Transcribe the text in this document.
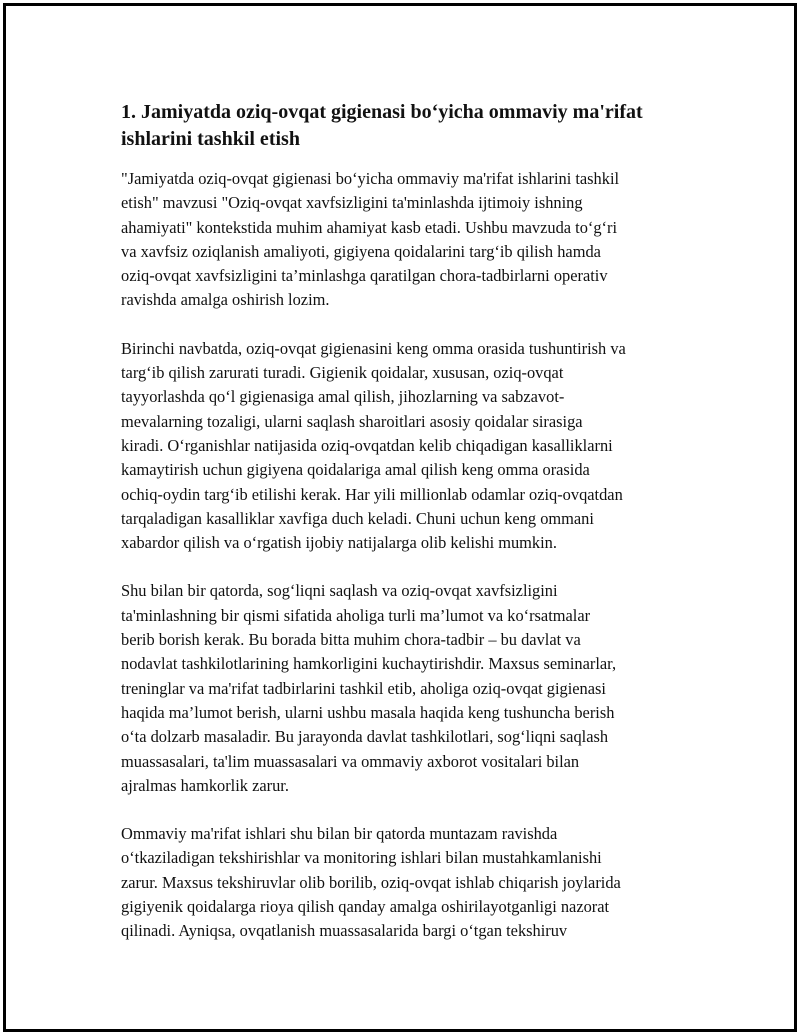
1. Jamiyatda oziq-ovqat gigienasi bo‘yicha ommaviy ma'rifat
ishlarini tashkil etish

"Jamiyatda oziq-ovqat gigienasi bo‘yicha ommaviy ma'rifat ishlarini tashkil
etish" mavzusi "Oziq-ovqat xavfsizligini ta'minlashda ijtimoiy ishning
ahamiyati" kontekstida muhim ahamiyat kasb etadi. Ushbu mavzuda to‘g‘ri
va xavfsiz oziqlanish amaliyoti, gigiyena qoidalarini targ‘ib qilish hamda
oziq-ovqat xavfsizligini ta’minlashga qaratilgan chora-tadbirlarni operativ
ravishda amalga oshirish lozim.

Birinchi navbatda, oziq-ovqat gigienasini keng omma orasida tushuntirish va
targ‘ib qilish zarurati turadi. Gigienik qoidalar, xususan, oziq-ovqat
tayyorlashda qo‘l gigienasiga amal qilish, jihozlarning va sabzavot-
mevalarning tozaligi, ularni saqlash sharoitlari asosiy qoidalar sirasiga
kiradi. O‘rganishlar natijasida oziq-ovqatdan kelib chiqadigan kasalliklarni
kamaytirish uchun gigiyena qoidalariga amal qilish keng omma orasida
ochiq-oydin targ‘ib etilishi kerak. Har yili millionlab odamlar oziq-ovqatdan
tarqaladigan kasalliklar xavfiga duch keladi. Chuni uchun keng ommani
xabardor qilish va o‘rgatish ijobiy natijalarga olib kelishi mumkin.

Shu bilan bir qatorda, sog‘liqni saqlash va oziq-ovqat xavfsizligini
ta'minlashning bir qismi sifatida aholiga turli ma’lumot va ko‘rsatmalar
berib borish kerak. Bu borada bitta muhim chora-tadbir – bu davlat va
nodavlat tashkilotlarining hamkorligini kuchaytirishdir. Maxsus seminarlar,
treninglar va ma'rifat tadbirlarini tashkil etib, aholiga oziq-ovqat gigienasi
haqida ma’lumot berish, ularni ushbu masala haqida keng tushuncha berish
o‘ta dolzarb masaladir. Bu jarayonda davlat tashkilotlari, sog‘liqni saqlash
muassasalari, ta'lim muassasalari va ommaviy axborot vositalari bilan
ajralmas hamkorlik zarur.

Ommaviy ma'rifat ishlari shu bilan bir qatorda muntazam ravishda
o‘tkaziladigan tekshirishlar va monitoring ishlari bilan mustahkamlanishi
zarur. Maxsus tekshiruvlar olib borilib, oziq-ovqat ishlab chiqarish joylarida
gigiyenik qoidalarga rioya qilish qanday amalga oshirilayotganligi nazorat
qilinadi. Ayniqsa, ovqatlanish muassasalarida bargi o‘tgan tekshiruv
